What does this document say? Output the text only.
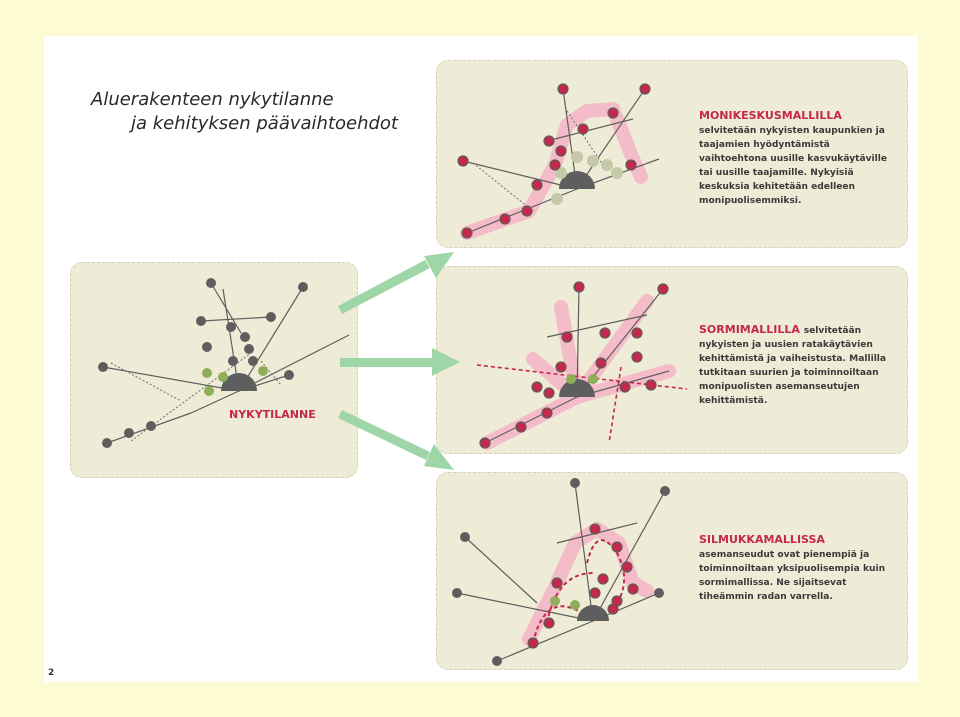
Aluerakenteen nykytilanne
ja kehityksen päävaihtoehdot

NYKYTILANNE

MONIKESKUSMALLILLA selvitetään nykyisten kaupunkien ja taajamien hyödyntämistä vaihtoehtona uusille kasvukäytäville tai uusille taajamille. Nykyisiä keskuksia kehitetään edelleen monipuolisemmiksi.

SORMIMALLILLA selvitetään nykyisten ja uusien ratakäytävien kehittämistä ja vaiheistusta. Mallilla tutkitaan suurien ja toiminnoiltaan monipuolisten asemanseutujen kehittämistä.

SILMUKKAMALLISSA asemanseudut ovat pienempiä ja toiminnoiltaan yksipuolisempia kuin sormimallissa. Ne sijaitsevat tiheämmin radan varrella.

2
